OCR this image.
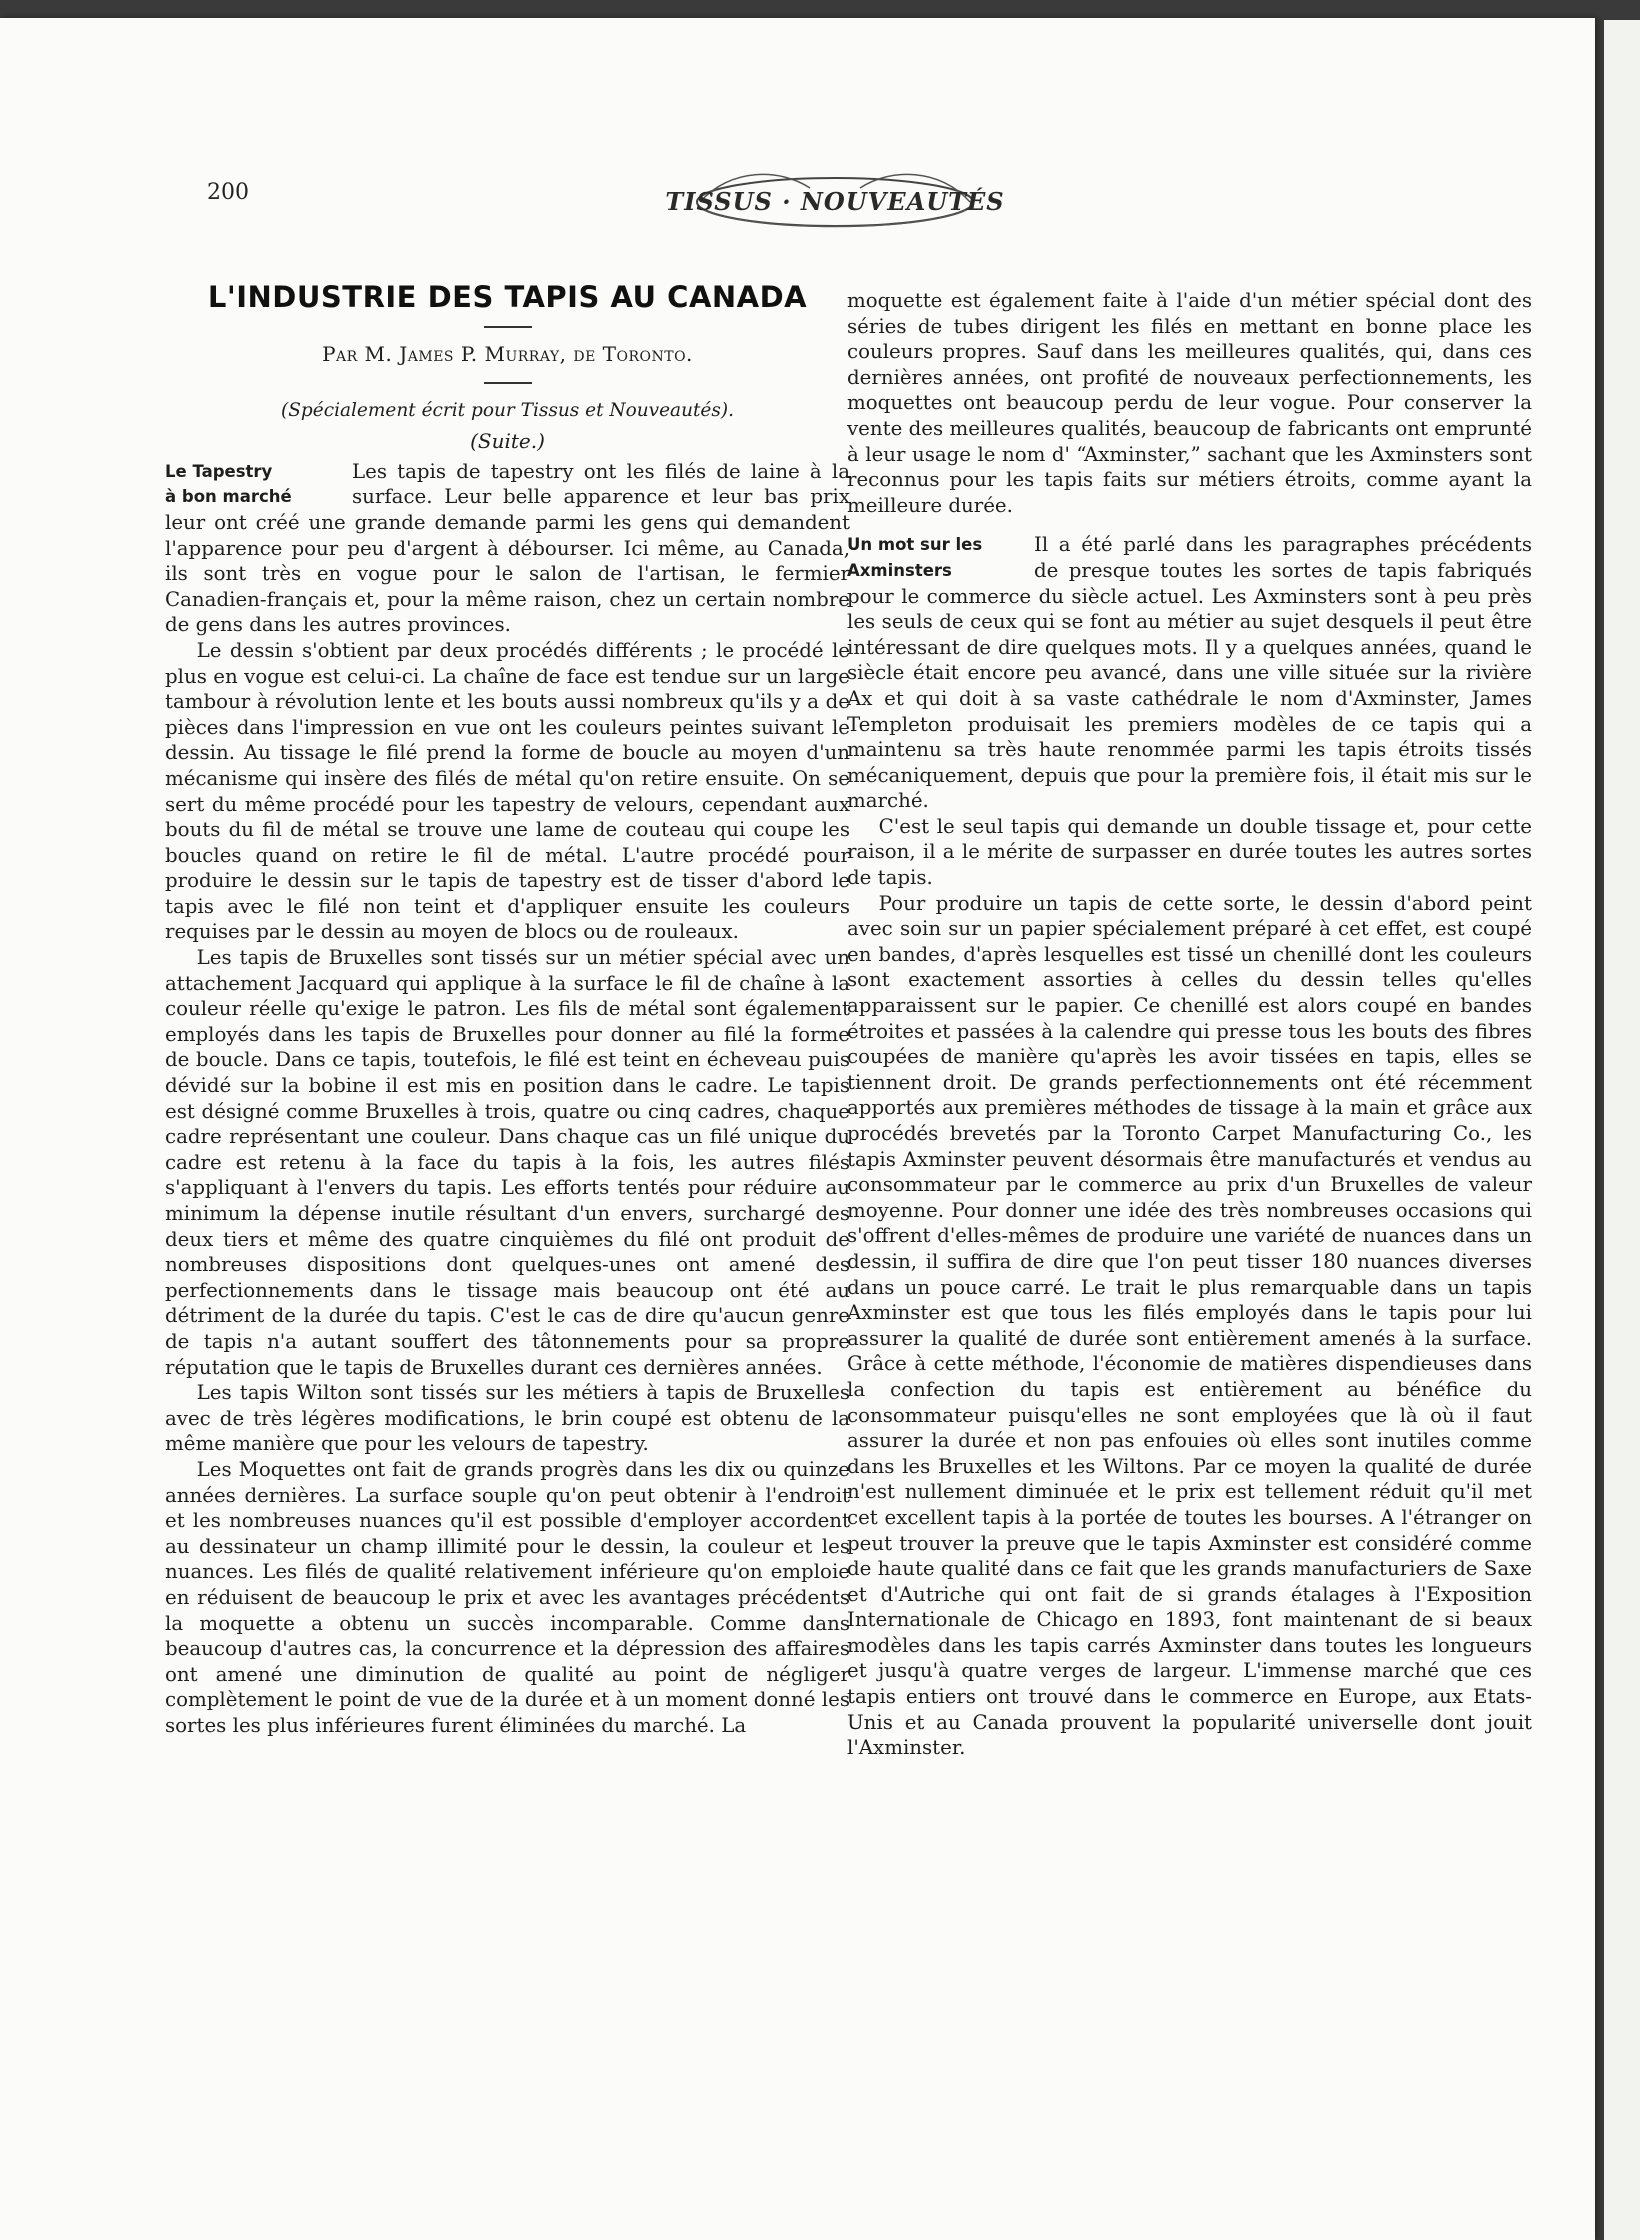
200	TISSUS · NOUVEAUTÉS
L'INDUSTRIE DES TAPIS AU CANADA
Par M. James P. Murray, de Toronto.
(Spécialement écrit pour Tissus et Nouveautés).
(Suite.)
Le Tapestry
à bon marché

Les tapis de tapestry ont les filés de laine à la surface. Leur belle apparence et leur bas prix leur ont créé une grande demande parmi les gens qui demandent l'apparence pour peu d'argent à débourser. Ici même, au Canada, ils sont très en vogue pour le salon de l'artisan, le fermier Canadien-français et, pour la même raison, chez un certain nombre de gens dans les autres provinces.

Le dessin s'obtient par deux procédés différents ; le procédé le plus en vogue est celui-ci. La chaîne de face est tendue sur un large tambour à révolution lente et les bouts aussi nombreux qu'ils y a de pièces dans l'impression en vue ont les couleurs peintes suivant le dessin. Au tissage le filé prend la forme de boucle au moyen d'un mécanisme qui insère des filés de métal qu'on retire ensuite. On se sert du même procédé pour les tapestry de velours, cependant aux bouts du fil de métal se trouve une lame de couteau qui coupe les boucles quand on retire le fil de métal. L'autre procédé pour produire le dessin sur le tapis de tapestry est de tisser d'abord le tapis avec le filé non teint et d'appliquer ensuite les couleurs requises par le dessin au moyen de blocs ou de rouleaux.

Les tapis de Bruxelles sont tissés sur un métier spécial avec un attachement Jacquard qui applique à la surface le fil de chaîne à la couleur réelle qu'exige le patron. Les fils de métal sont également employés dans les tapis de Bruxelles pour donner au filé la forme de boucle. Dans ce tapis, toutefois, le filé est teint en écheveau puis dévidé sur la bobine il est mis en position dans le cadre. Le tapis est désigné comme Bruxelles à trois, quatre ou cinq cadres, chaque cadre représentant une couleur. Dans chaque cas un filé unique du cadre est retenu à la face du tapis à la fois, les autres filés s'appliquant à l'envers du tapis. Les efforts tentés pour réduire au minimum la dépense inutile résultant d'un envers, surchargé des deux tiers et même des quatre cinquièmes du filé ont produit de nombreuses dispositions dont quelques-unes ont amené des perfectionnements dans le tissage mais beaucoup ont été au détriment de la durée du tapis. C'est le cas de dire qu'aucun genre de tapis n'a autant souffert des tâtonnements pour sa propre réputation que le tapis de Bruxelles durant ces dernières années.

Les tapis Wilton sont tissés sur les métiers à tapis de Bruxelles avec de très légères modifications, le brin coupé est obtenu de la même manière que pour les velours de tapestry.

Les Moquettes ont fait de grands progrès dans les dix ou quinze années dernières. La surface souple qu'on peut obtenir à l'endroit et les nombreuses nuances qu'il est possible d'employer accordent au dessinateur un champ illimité pour le dessin, la couleur et les nuances. Les filés de qualité relativement inférieure qu'on emploie en réduisent de beaucoup le prix et avec les avantages précédents la moquette a obtenu un succès incomparable. Comme dans beaucoup d'autres cas, la concurrence et la dépression des affaires ont amené une diminution de qualité au point de négliger complètement le point de vue de la durée et à un moment donné les sortes les plus inférieures furent éliminées du marché. La

moquette est également faite à l'aide d'un métier spécial dont des séries de tubes dirigent les filés en mettant en bonne place les couleurs propres. Sauf dans les meilleures qualités, qui, dans ces dernières années, ont profité de nouveaux perfectionnements, les moquettes ont beaucoup perdu de leur vogue. Pour conserver la vente des meilleures qualités, beaucoup de fabricants ont emprunté à leur usage le nom d' “Axminster,” sachant que les Axminsters sont reconnus pour les tapis faits sur métiers étroits, comme ayant la meilleure durée.

Un mot sur les
Axminsters

Il a été parlé dans les paragraphes précédents de presque toutes les sortes de tapis fabriqués pour le commerce du siècle actuel. Les Axminsters sont à peu près les seuls de ceux qui se font au métier au sujet desquels il peut être intéressant de dire quelques mots. Il y a quelques années, quand le siècle était encore peu avancé, dans une ville située sur la rivière Ax et qui doit à sa vaste cathédrale le nom d'Axminster, James Templeton produisait les premiers modèles de ce tapis qui a maintenu sa très haute renommée parmi les tapis étroits tissés mécaniquement, depuis que pour la première fois, il était mis sur le marché.

C'est le seul tapis qui demande un double tissage et, pour cette raison, il a le mérite de surpasser en durée toutes les autres sortes de tapis.

Pour produire un tapis de cette sorte, le dessin d'abord peint avec soin sur un papier spécialement préparé à cet effet, est coupé en bandes, d'après lesquelles est tissé un chenillé dont les couleurs sont exactement assorties à celles du dessin telles qu'elles apparaissent sur le papier. Ce chenillé est alors coupé en bandes étroites et passées à la calendre qui presse tous les bouts des fibres coupées de manière qu'après les avoir tissées en tapis, elles se tiennent droit. De grands perfectionnements ont été récemment apportés aux premières méthodes de tissage à la main et grâce aux procédés brevetés par la Toronto Carpet Manufacturing Co., les tapis Axminster peuvent désormais être manufacturés et vendus au consommateur par le commerce au prix d'un Bruxelles de valeur moyenne. Pour donner une idée des très nombreuses occasions qui s'offrent d'elles-mêmes de produire une variété de nuances dans un dessin, il suffira de dire que l'on peut tisser 180 nuances diverses dans un pouce carré. Le trait le plus remarquable dans un tapis Axminster est que tous les filés employés dans le tapis pour lui assurer la qualité de durée sont entièrement amenés à la surface. Grâce à cette méthode, l'économie de matières dispendieuses dans la confection du tapis est entièrement au bénéfice du consommateur puisqu'elles ne sont employées que là où il faut assurer la durée et non pas enfouies où elles sont inutiles comme dans les Bruxelles et les Wiltons. Par ce moyen la qualité de durée n'est nullement diminuée et le prix est tellement réduit qu'il met cet excellent tapis à la portée de toutes les bourses. A l'étranger on peut trouver la preuve que le tapis Axminster est considéré comme de haute qualité dans ce fait que les grands manufacturiers de Saxe et d'Autriche qui ont fait de si grands étalages à l'Exposition Internationale de Chicago en 1893, font maintenant de si beaux modèles dans les tapis carrés Axminster dans toutes les longueurs et jusqu'à quatre verges de largeur. L'immense marché que ces tapis entiers ont trouvé dans le commerce en Europe, aux Etats-Unis et au Canada prouvent la popularité universelle dont jouit l'Axminster.
